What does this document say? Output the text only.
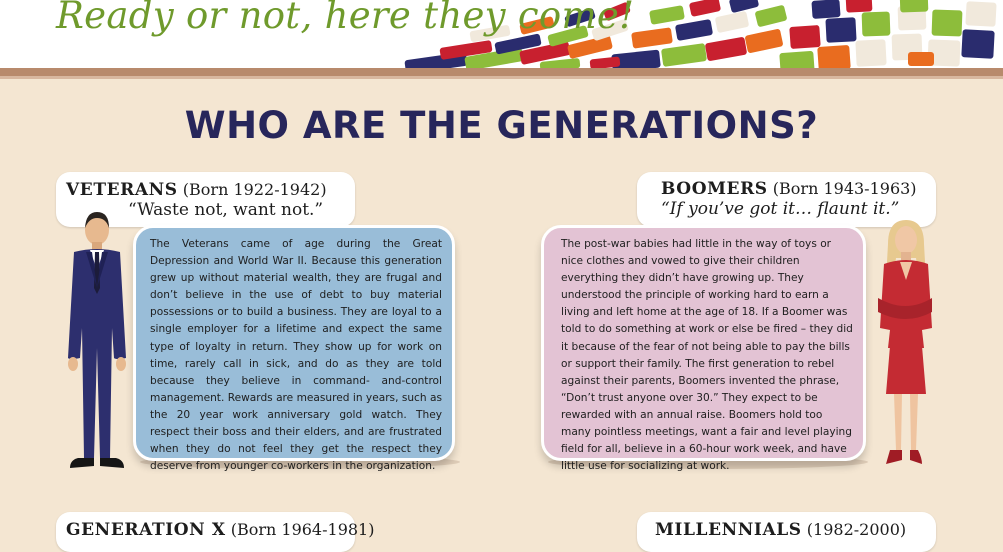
Ready or not, here they come!
WHO ARE THE GENERATIONS?
VETERANS (Born 1922-1942)
“Waste not, want not.”

The Veterans came of age during the Great Depression and World War II. Because this generation grew up without material wealth, they are frugal and don’t believe in the use of debt to buy material possessions or to build a business. They are loyal to a single employer for a lifetime and expect the same type of loyalty in return. They show up for work on time, rarely call in sick, and do as they are told because they believe in command- and-control management. Rewards are measured in years, such as the 20 year work anniversary gold watch. They respect their boss and their elders, and are frustrated when they do not feel they get the respect they deserve from younger co-workers in the organization.

BOOMERS (Born 1943-1963)
“If you’ve got it… flaunt it.”

The post-war babies had little in the way of toys or nice clothes and vowed to give their children everything they didn’t have growing up. They understood the principle of working hard to earn a living and left home at the age of 18. If a Boomer was told to do something at work or else be fired – they did it because of the fear of not being able to pay the bills or support their family. The first generation to rebel against their parents, Boomers invented the phrase, “Don’t trust anyone over 30.” They expect to be rewarded with an annual raise. Boomers hold too many pointless meetings, want a fair and level playing field for all, believe in a 60-hour work week, and have little use for socializing at work.

GENERATION X (Born 1964-1981)	MILLENNIALS (1982-2000)
